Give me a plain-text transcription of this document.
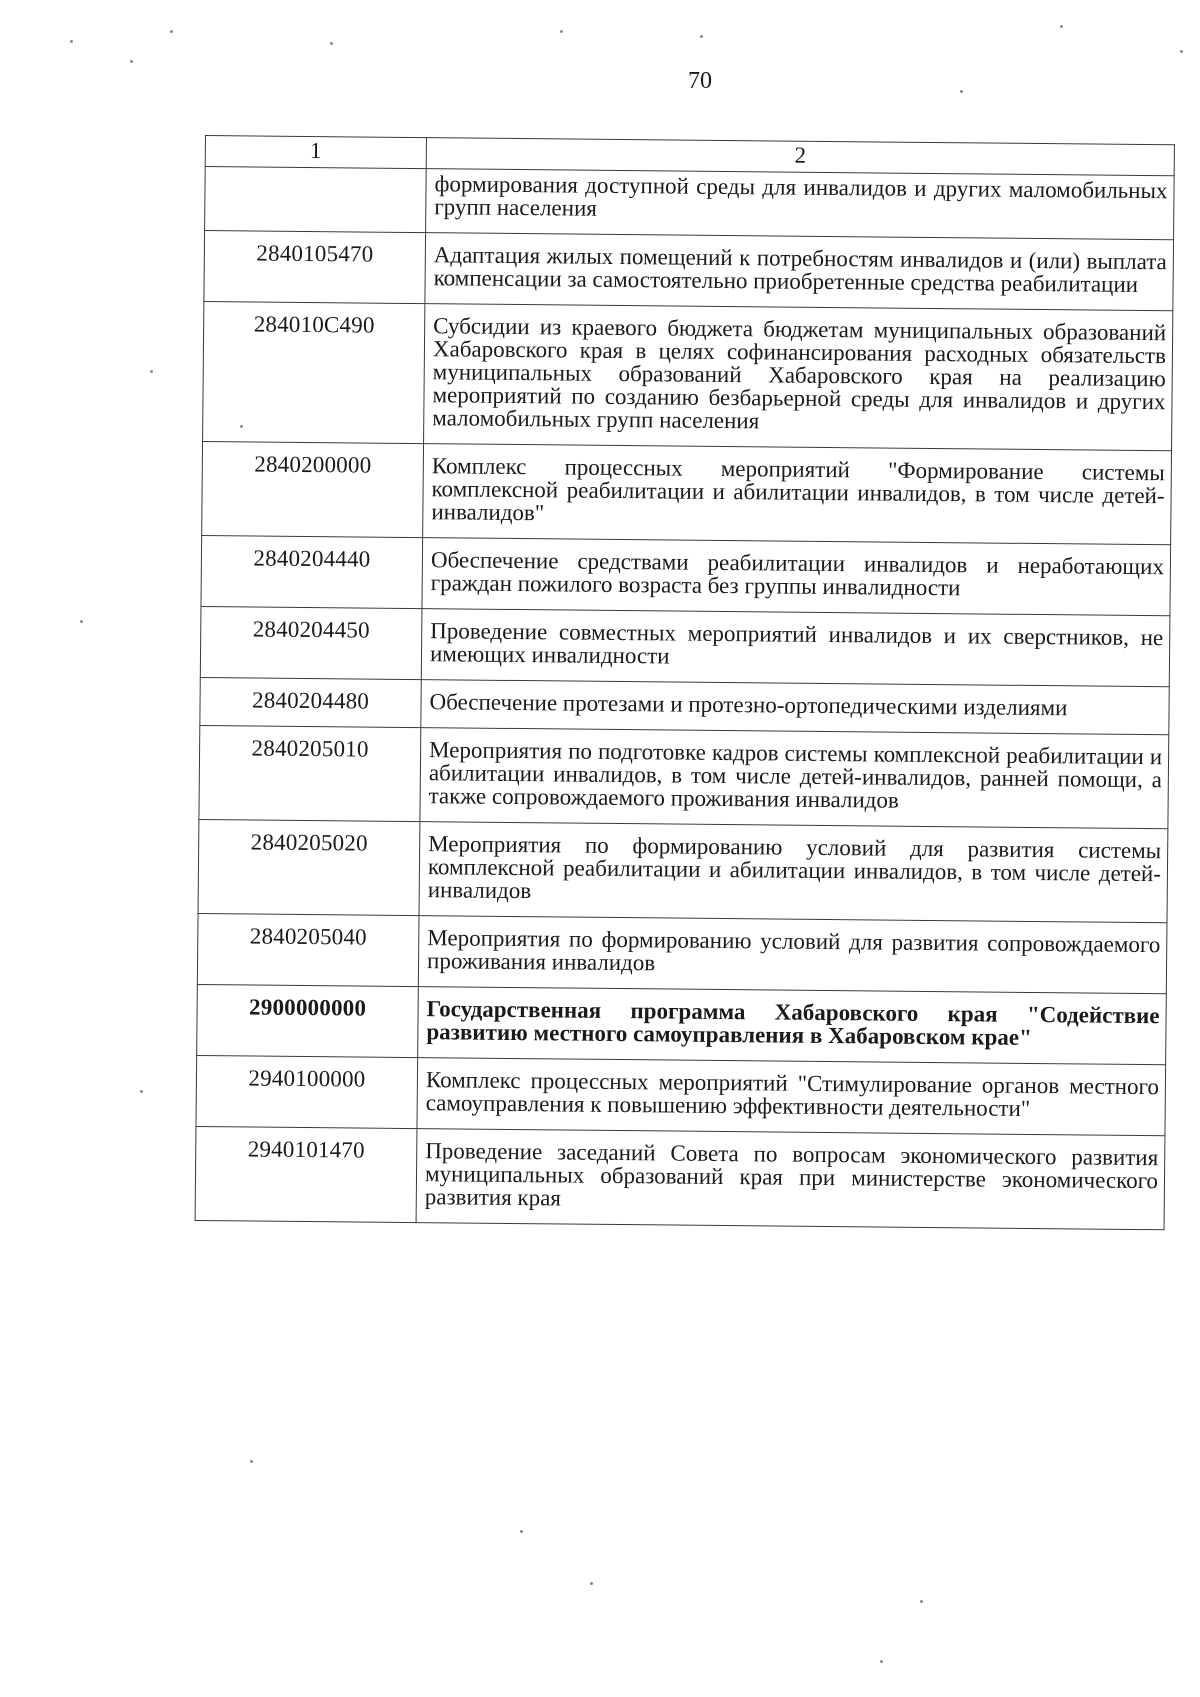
70
1	2
	формирования доступной среды для инвалидов и других маломобильных групп населения
2840105470	Адаптация жилых помещений к потребностям инвалидов и (или) выплата компенсации за самостоятельно приобретенные средства реабилитации
284010C490	Субсидии из краевого бюджета бюджетам муниципальных образований Хабаровского края в целях софинансирования расходных обязательств муниципальных образований Хабаровского края на реализацию мероприятий по созданию безбарьерной среды для инвалидов и других маломобильных групп населения
2840200000	Комплекс процессных мероприятий "Формирование системы комплексной реабилитации и абилитации инвалидов, в том числе детей-инвалидов"
2840204440	Обеспечение средствами реабилитации инвалидов и неработающих граждан пожилого возраста без группы инвалидности
2840204450	Проведение совместных мероприятий инвалидов и их сверстников, не имеющих инвалидности
2840204480	Обеспечение протезами и протезно-ортопедическими изделиями
2840205010	Мероприятия по подготовке кадров системы комплексной реабилитации и абилитации инвалидов, в том числе детей-инвалидов, ранней помощи, а также сопровождаемого проживания инвалидов
2840205020	Мероприятия по формированию условий для развития системы комплексной реабилитации и абилитации инвалидов, в том числе детей-инвалидов
2840205040	Мероприятия по формированию условий для развития сопровождаемого проживания инвалидов
2900000000	Государственная программа Хабаровского края "Содействие развитию местного самоуправления в Хабаровском крае"
2940100000	Комплекс процессных мероприятий "Стимулирование органов местного самоуправления к повышению эффективности деятельности"
2940101470	Проведение заседаний Совета по вопросам экономического развития муниципальных образований края при министерстве экономического развития края
